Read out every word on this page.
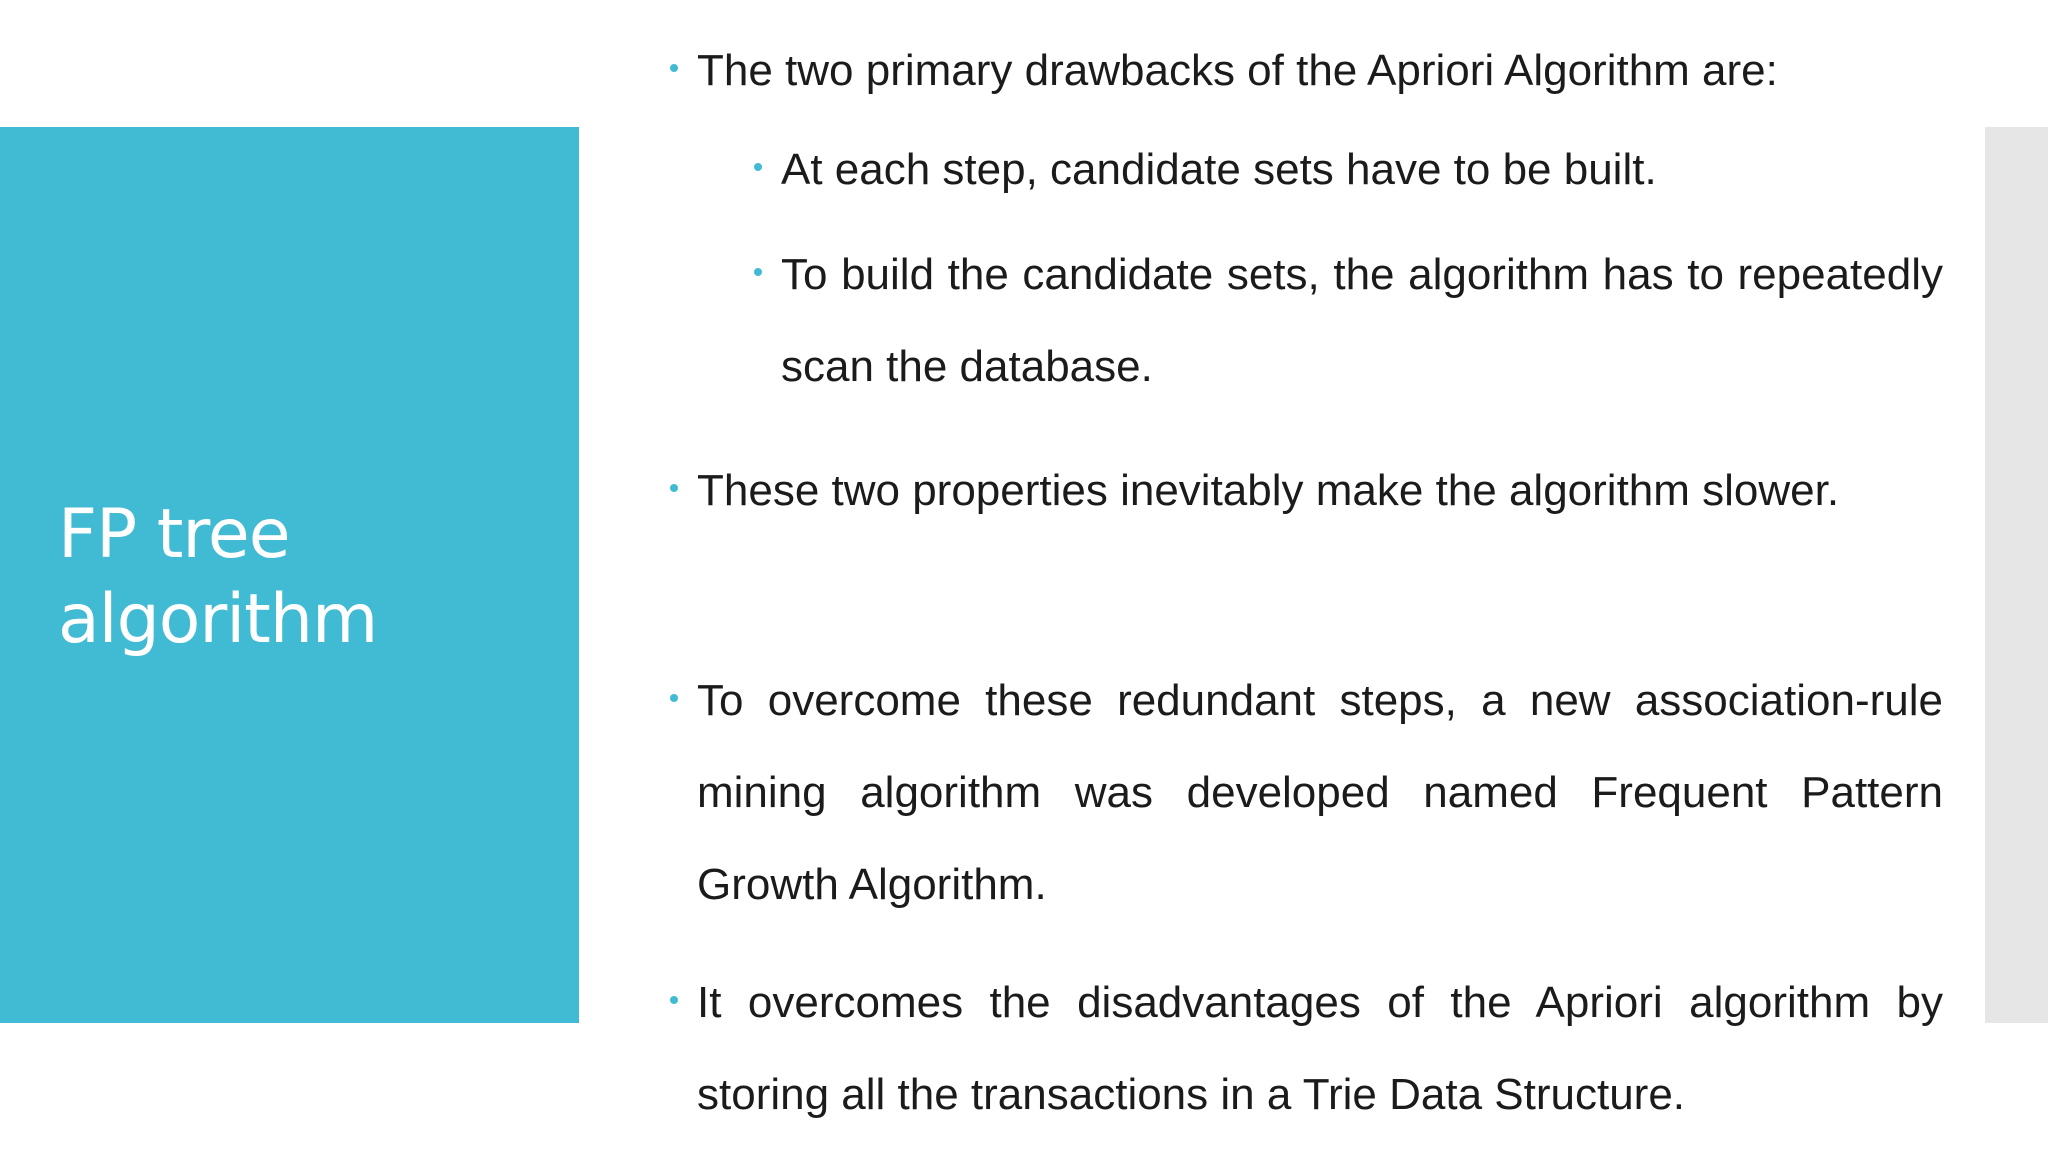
FP tree
algorithm
The two primary drawbacks of the Apriori Algorithm are:
At each step, candidate sets have to be built.
To build the candidate sets, the algorithm has to repeatedly scan the database.
These two properties inevitably make the algorithm slower.
To overcome these redundant steps, a new association-rule mining algorithm was developed named Frequent Pattern Growth Algorithm.
It overcomes the disadvantages of the Apriori algorithm by storing all the transactions in a Trie Data Structure.
